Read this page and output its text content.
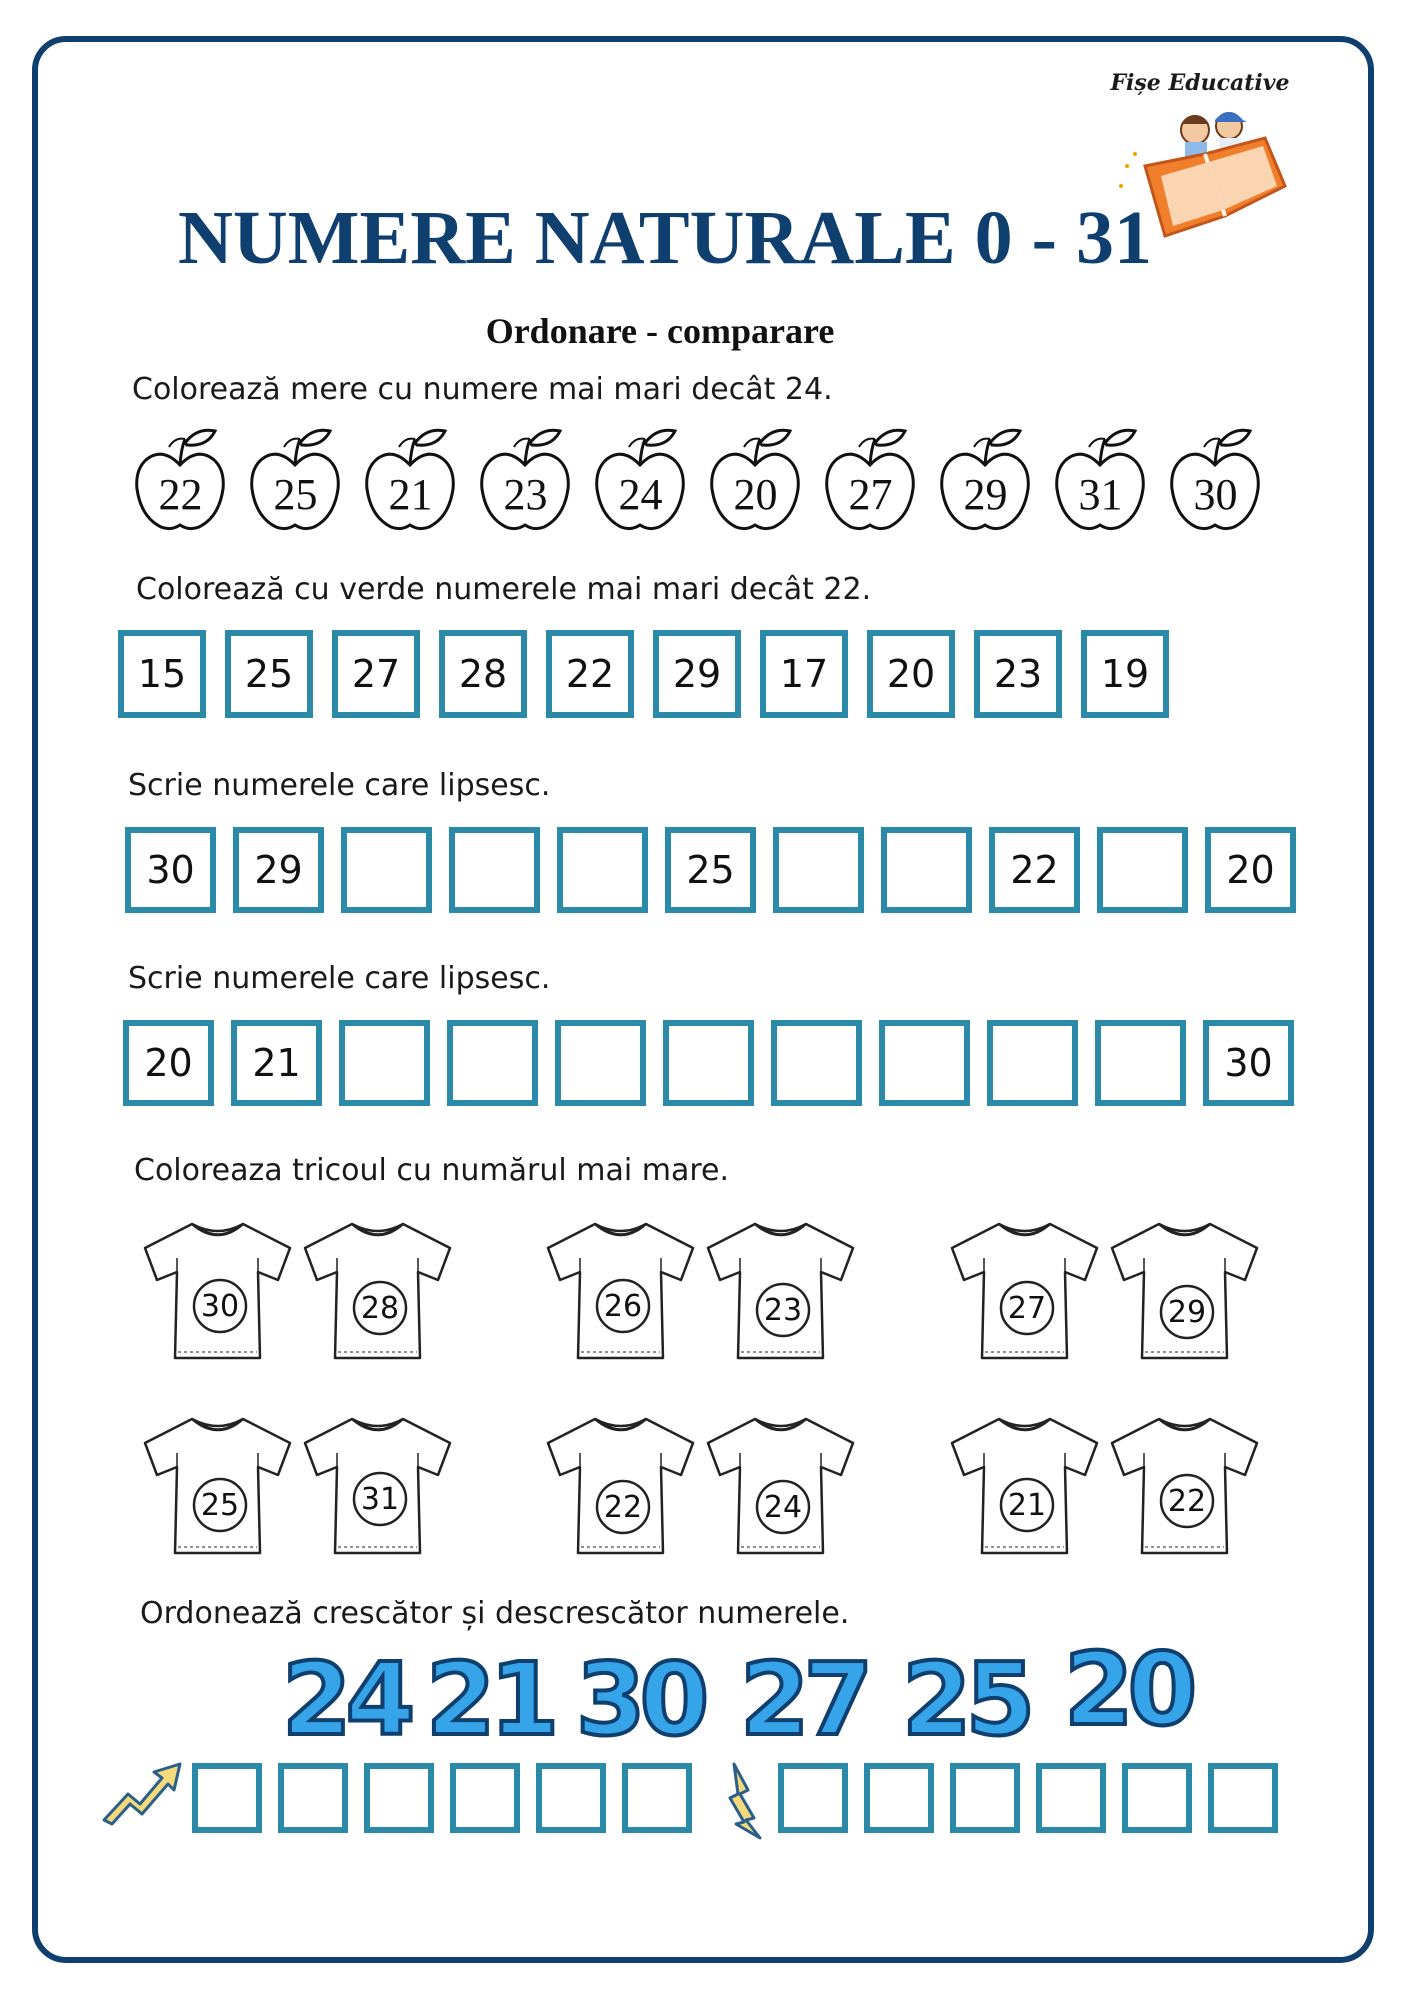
Fișe Educative
NUMERE NATURALE 0 - 31
Ordonare - comparare
Colorează mere cu numere mai mari decât 24.
22	25	21	23	24	20	27	29	31	30
Colorează cu verde numerele mai mari decât 22.
15	25	27	28	22	29	17	20	23	19
Scrie numerele care lipsesc.
30	29	25	22	20
Scrie numerele care lipsesc.
20	21	30
Coloreaza tricoul cu numărul mai mare.
30	28	26	23	27	29
25	31	22	24	21	22
Ordonează crescător și descrescător numerele.
24 21 30 27 25 20
